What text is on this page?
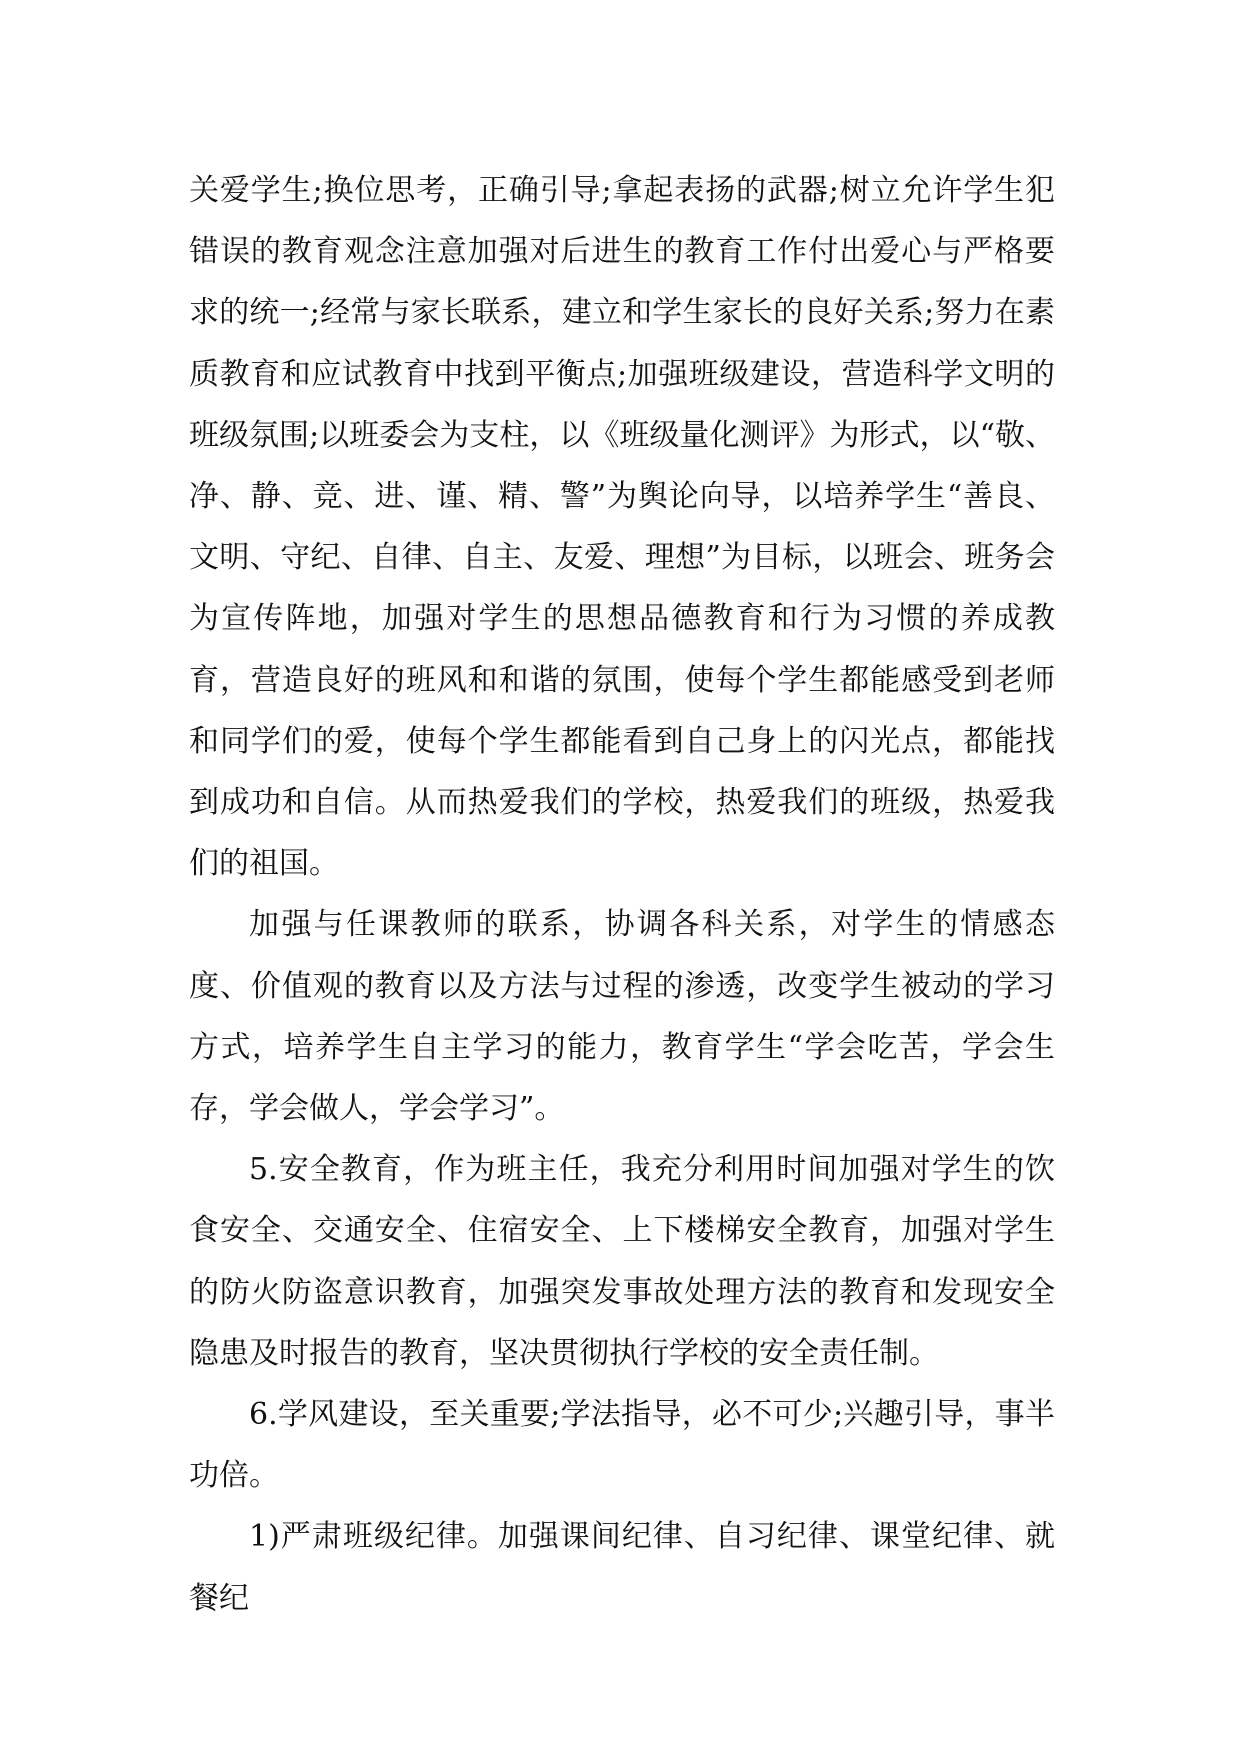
关爱学生;换位思考，正确引导;拿起表扬的武器;树立允许学生犯错误的教育观念注意加强对后进生的教育工作付出爱心与严格要求的统一;经常与家长联系，建立和学生家长的良好关系;努力在素质教育和应试教育中找到平衡点;加强班级建设，营造科学文明的班级氛围;以班委会为支柱，以《班级量化测评》为形式，以“敬、净、静、竞、进、谨、精、警”为舆论向导，以培养学生“善良、文明、守纪、自律、自主、友爱、理想”为目标，以班会、班务会为宣传阵地，加强对学生的思想品德教育和行为习惯的养成教育，营造良好的班风和和谐的氛围，使每个学生都能感受到老师和同学们的爱，使每个学生都能看到自己身上的闪光点，都能找到成功和自信。从而热爱我们的学校，热爱我们的班级，热爱我们的祖国。

加强与任课教师的联系，协调各科关系，对学生的情感态度、价值观的教育以及方法与过程的渗透，改变学生被动的学习方式，培养学生自主学习的能力，教育学生“学会吃苦，学会生存，学会做人，学会学习”。

5.安全教育，作为班主任，我充分利用时间加强对学生的饮食安全、交通安全、住宿安全、上下楼梯安全教育，加强对学生的防火防盗意识教育，加强突发事故处理方法的教育和发现安全隐患及时报告的教育，坚决贯彻执行学校的安全责任制。

6.学风建设，至关重要;学法指导，必不可少;兴趣引导，事半功倍。

1)严肃班级纪律。加强课间纪律、自习纪律、课堂纪律、就餐纪
